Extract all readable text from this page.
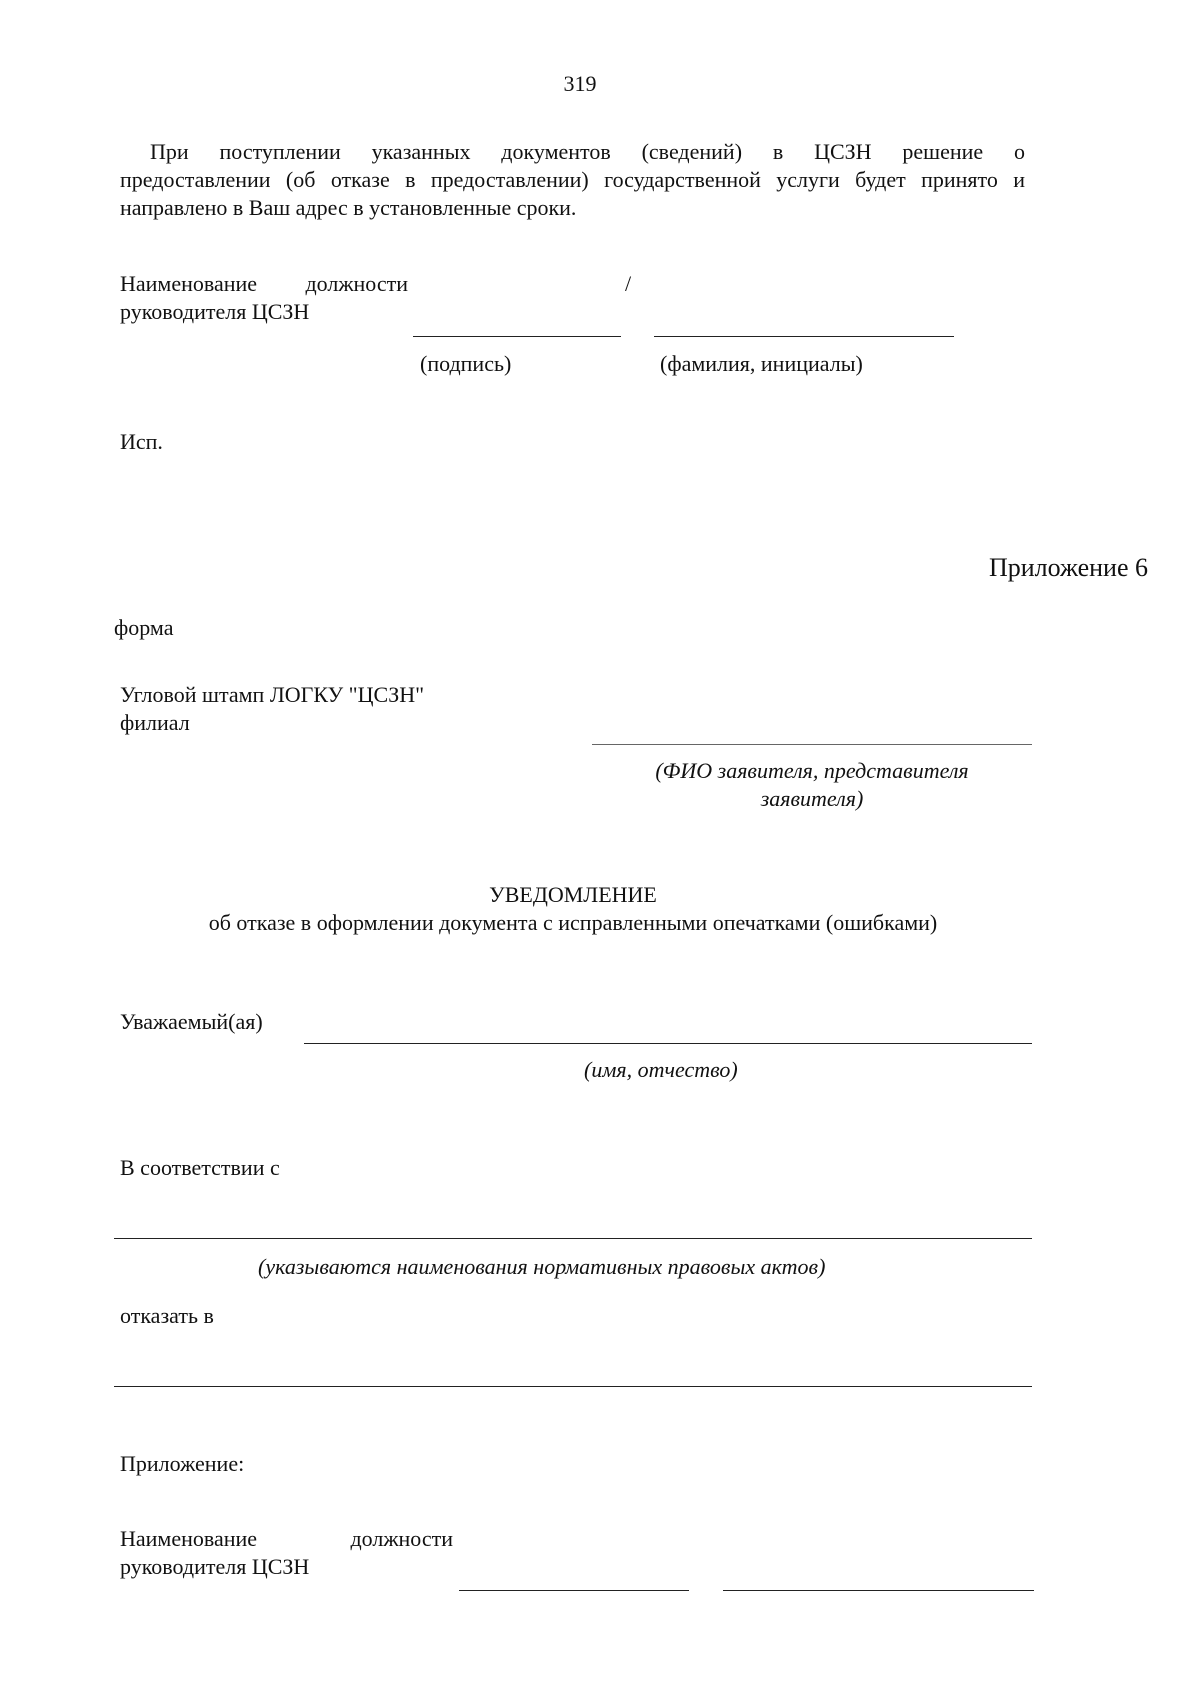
319
При поступлении указанных документов (сведений) в ЦСЗН решение о
предоставлении (об отказе в предоставлении) государственной услуги будет принято и
направлено в Ваш адрес в установленные сроки.
Наименование должности
руководителя ЦСЗН
/
(подпись)	(фамилия, инициалы)
Исп.
Приложение 6
форма
Угловой штамп ЛОГКУ "ЦСЗН"
филиал
(ФИО заявителя, представителя
заявителя)
УВЕДОМЛЕНИЕ
об отказе в оформлении документа с исправленными опечатками (ошибками)
Уважаемый(ая)
(имя, отчество)
В соответствии с
(указываются наименования нормативных правовых актов)
отказать в
Приложение:
Наименование	должности
руководителя ЦСЗН
